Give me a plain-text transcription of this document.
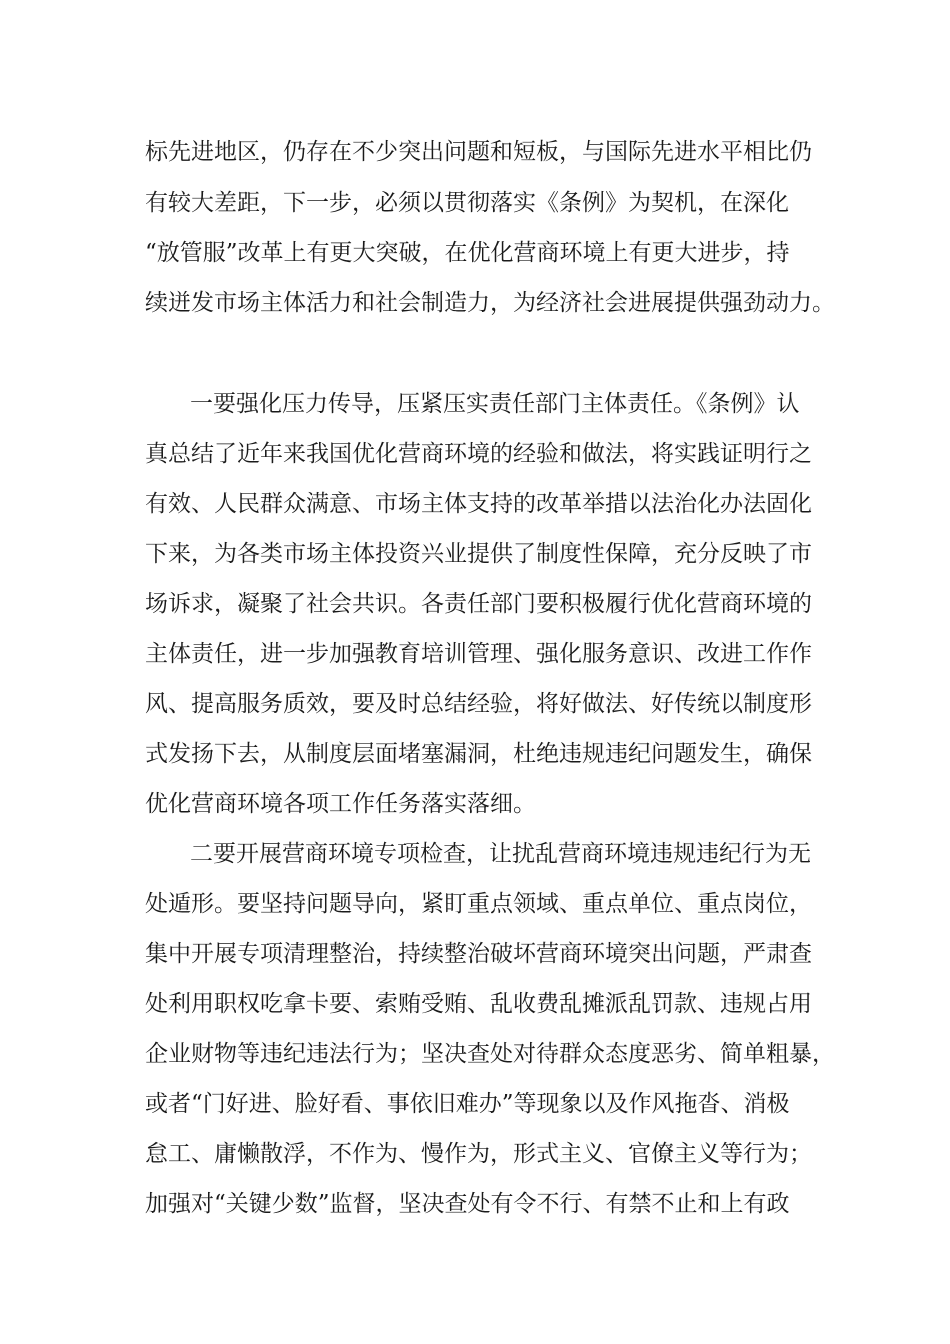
标先进地区，仍存在不少突出问题和短板，与国际先进水平相比仍
有较大差距，下一步，必须以贯彻落实《条例》为契机，在深化
“放管服”改革上有更大突破，在优化营商环境上有更大进步，持
续迸发市场主体活力和社会制造力，为经济社会进展提供强劲动力。
一要强化压力传导，压紧压实责任部门主体责任。《条例》认
真总结了近年来我国优化营商环境的经验和做法，将实践证明行之
有效、人民群众满意、市场主体支持的改革举措以法治化办法固化
下来，为各类市场主体投资兴业提供了制度性保障，充分反映了市
场诉求，凝聚了社会共识。各责任部门要积极履行优化营商环境的
主体责任，进一步加强教育培训管理、强化服务意识、改进工作作
风、提高服务质效，要及时总结经验，将好做法、好传统以制度形
式发扬下去，从制度层面堵塞漏洞，杜绝违规违纪问题发生，确保
优化营商环境各项工作任务落实落细。
二要开展营商环境专项检查，让扰乱营商环境违规违纪行为无
处遁形。要坚持问题导向，紧盯重点领域、重点单位、重点岗位，
集中开展专项清理整治，持续整治破坏营商环境突出问题，严肃查
处利用职权吃拿卡要、索贿受贿、乱收费乱摊派乱罚款、违规占用
企业财物等违纪违法行为；坚决查处对待群众态度恶劣、简单粗暴，
或者“门好进、脸好看、事依旧难办”等现象以及作风拖沓、消极
怠工、庸懒散浮，不作为、慢作为，形式主义、官僚主义等行为；
加强对“关键少数”监督，坚决查处有令不行、有禁不止和上有政
